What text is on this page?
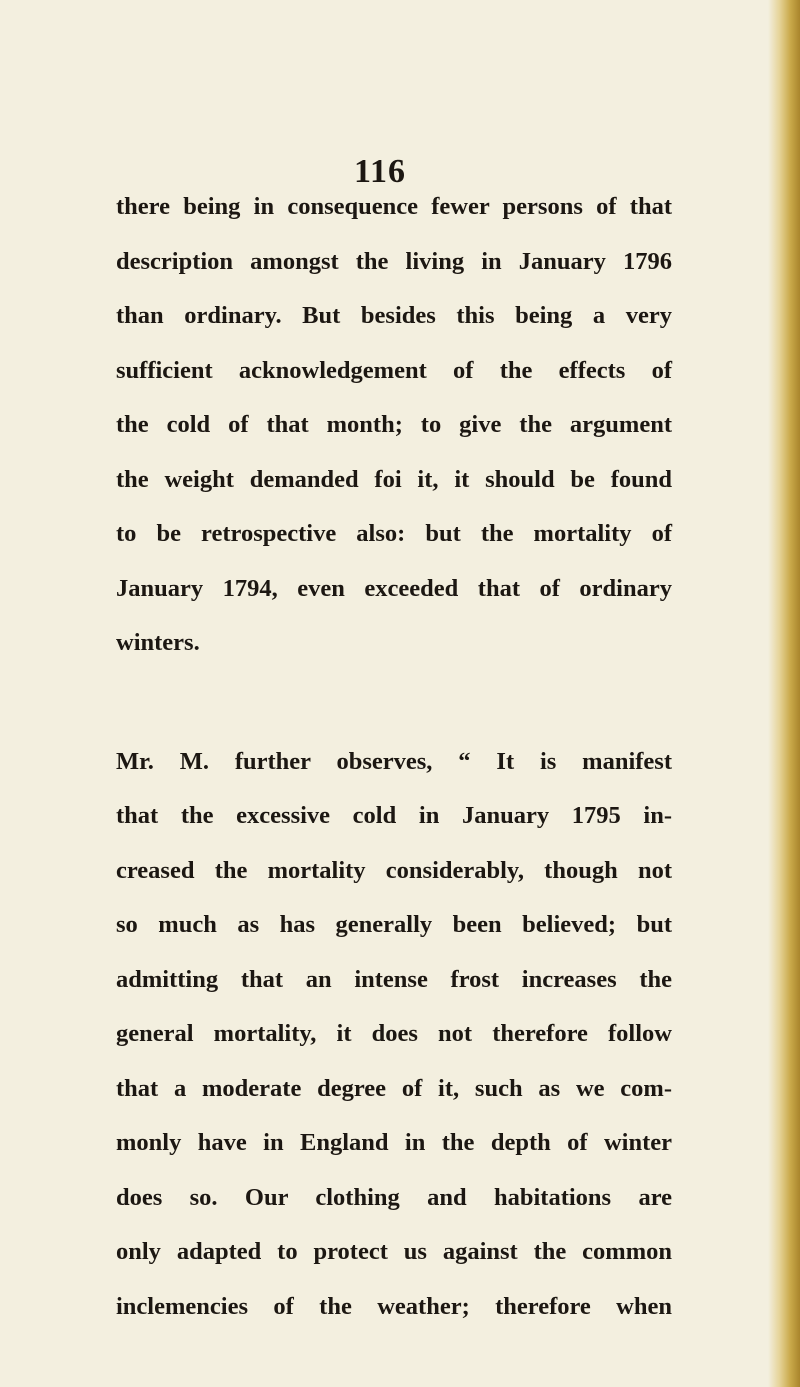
116
there being in consequence fewer persons of that
description amongst the living in January 1796
than ordinary. But besides this being a very
sufficient acknowledgement of the effects of
the cold of that month; to give the argument
the weight demanded foi it, it should be found
to be retrospective also: but the mortality of
January 1794, even exceeded that of ordinary
winters.
Mr. M. further observes, “ It is manifest
that the excessive cold in January 1795 in-
creased the mortality considerably, though not
so much as has generally been believed; but
admitting that an intense frost increases the
general mortality, it does not therefore follow
that a moderate degree of it, such as we com-
monly have in England in the depth of winter
does so. Our clothing and habitations are
only adapted to protect us against the common
inclemencies of the weather; therefore when
